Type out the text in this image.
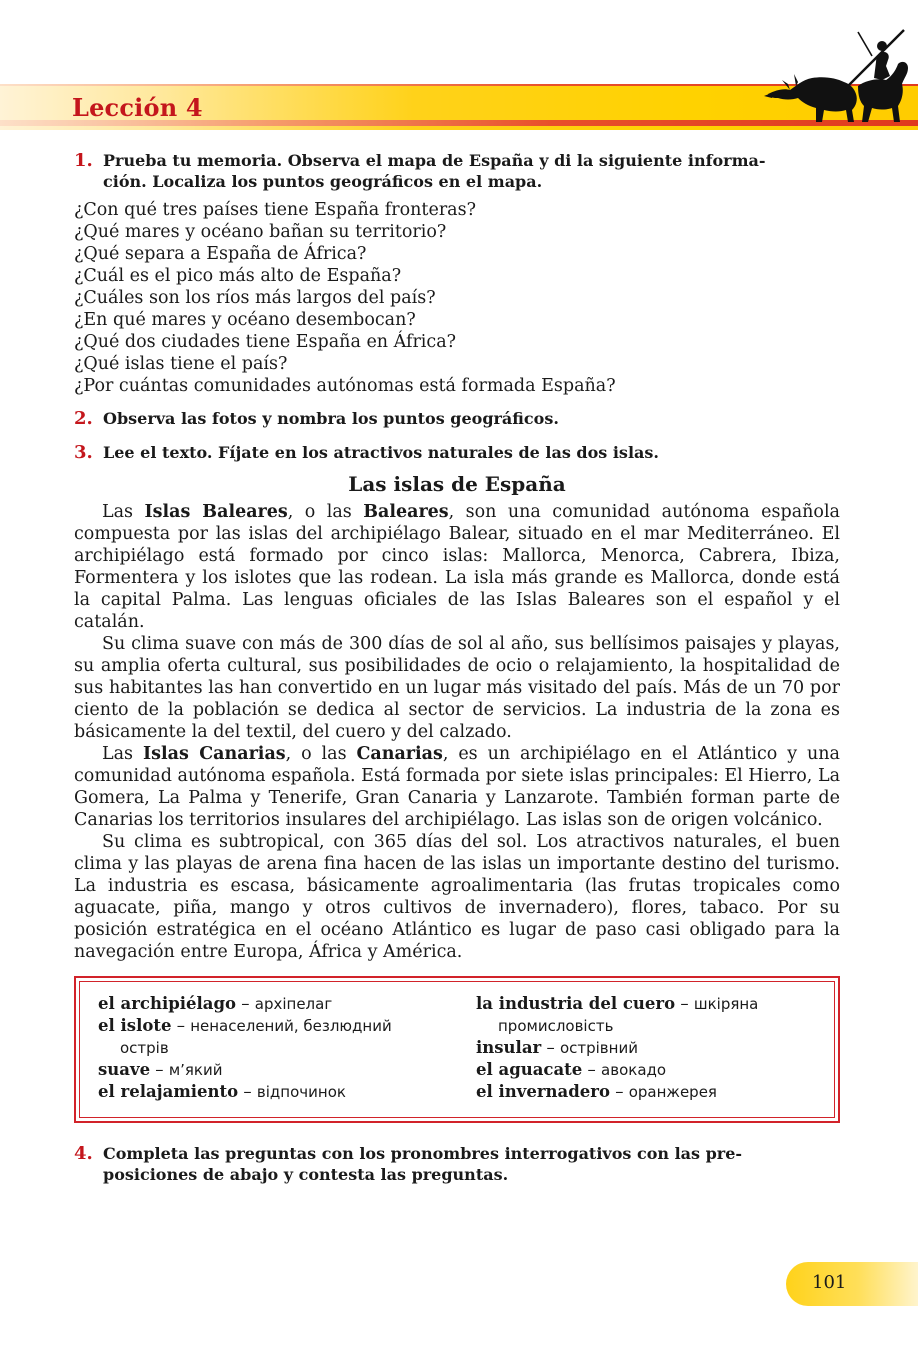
Lección 4
1. Prueba tu memoria. Observa el mapa de España y di la siguiente informa-
ción. Localiza los puntos geográficos en el mapa.
¿Con qué tres países tiene España fronteras?
¿Qué mares y océano bañan su territorio?
¿Qué separa a España de África?
¿Cuál es el pico más alto de España?
¿Cuáles son los ríos más largos del país?
¿En qué mares y océano desembocan?
¿Qué dos ciudades tiene España en África?
¿Qué islas tiene el país?
¿Por cuántas comunidades autónomas está formada España?
2. Observa las fotos y nombra los puntos geográficos.
3. Lee el texto. Fíjate en los atractivos naturales de las dos islas.
Las islas de España

Las Islas Baleares, o las Baleares, son una comunidad autónoma española compuesta por las islas del archipiélago Balear, situado en el mar Mediterráneo. El archipiélago está formado por cinco islas: Mallorca, Menorca, Cabrera, Ibiza, Formentera y los islotes que las rodean. La isla más grande es Mallorca, donde está la capital Palma. Las lenguas oficiales de las Islas Baleares son el español y el catalán.

Su clima suave con más de 300 días de sol al año, sus bellísimos paisajes y playas, su amplia oferta cultural, sus posibilidades de ocio o relajamiento, la hospitalidad de sus habitantes las han convertido en un lugar más visitado del país. Más de un 70 por ciento de la población se dedica al sector de servicios. La industria de la zona es básicamente la del textil, del cuero y del calzado.

Las Islas Canarias, o las Canarias, es un archipiélago en el Atlántico y una comunidad autónoma española. Está formada por siete islas principales: El Hierro, La Gomera, La Palma y Tenerife, Gran Canaria y Lanzarote. También forman parte de Canarias los territorios insulares del archipiélago. Las islas son de origen volcánico.

Su clima es subtropical, con 365 días del sol. Los atractivos naturales, el buen clima y las playas de arena fina hacen de las islas un importante destino del turismo. La industria es escasa, básicamente agroalimentaria (las frutas tropicales como aguacate, piña, mango y otros cultivos de invernadero), flores, tabaco. Por su posición estratégica en el océano Atlántico es lugar de paso casi obligado para la navegación entre Europa, África y América.

el archipiélago – архіпелаг
el islote – ненаселений, безлюдний острів
suave – м’який
el relajamiento – відпочинок
la industria del cuero – шкіряна промисловість
insular – острівний
el aguacate – авокадо
el invernadero – оранжерея
4. Completa las preguntas con los pronombres interrogativos con las pre-
posiciones de abajo y contesta las preguntas.
101
